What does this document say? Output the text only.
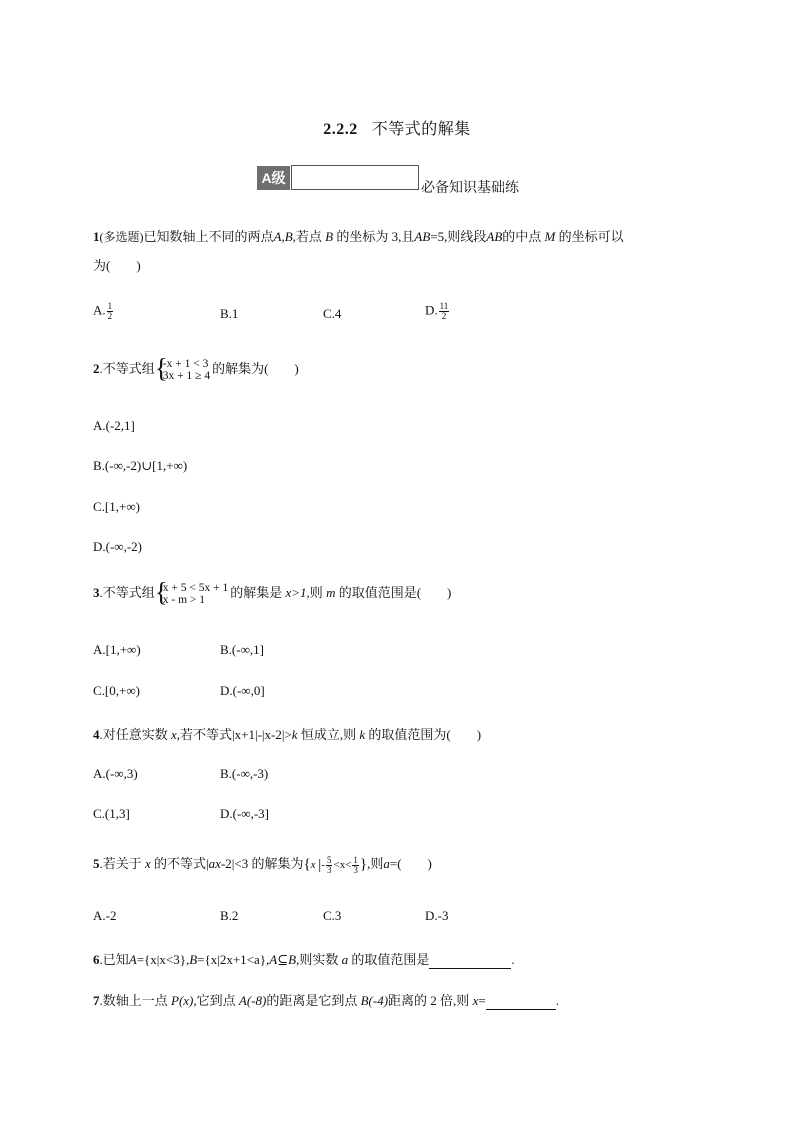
2.2.2 不等式的解集
A级
必备知识基础练
1(多选题)已知数轴上不同的两点A,B,若点 B 的坐标为 3,且AB=5,则线段AB的中点 M 的坐标可以
为(　　)
A. $\frac{1}{2}$	B.1	C.4	D. $\frac{11}{2}$
2.不等式组 {
-x + 1 < 3
3x + 1 ≥ 4
的解集为(　　)
A.(-2,1]
B.(-∞,-2)∪[1,+∞)
C.[1,+∞)
D.(-∞,-2)
3.不等式组 {
x + 5 < 5x + 1
x - m > 1
的解集是 x>1,则 m 的取值范围是(　　)
A.[1,+∞)	B.(-∞,1]
C.[0,+∞)	D.(-∞,0]
4.对任意实数 x,若不等式|x+1|-|x-2|>k 恒成立,则 k 的取值范围为(　　)
A.(-∞,3)	B.(-∞,-3)
C.(1,3]	D.(-∞,-3]
5.若关于 x 的不等式|ax-2|<3 的解集为{x |- $\frac{5}{3} <x< \frac{1}{3}$ },则a=(　　)
A.-2	B.2	C.3	D.-3
6.已知A={x|x<3},B={x|2x+1<a},A⊆B,则实数 a 的取值范围是	.
7.数轴上一点 P(x),它到点 A(-8)的距离是它到点 B(-4)距离的 2 倍,则 x=	.
